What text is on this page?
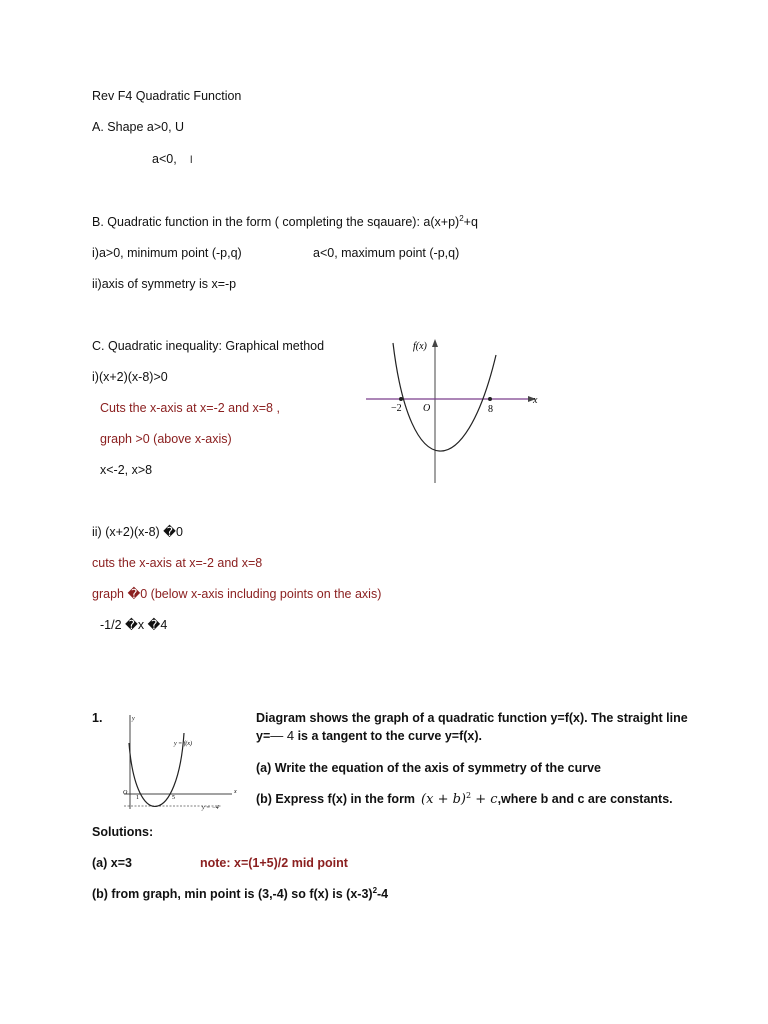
Rev F4 Quadratic Function
A. Shape a>0, U
a<0, l
B. Quadratic function in the form ( completing the sqauare): $a(x+p)^2+q$
i)a>0, minimum point (-p,q)	a<0, maximum point (-p,q)
ii)axis of symmetry is x=-p
C. Quadratic inequality: Graphical method
i)(x+2)(x-8)>0
Cuts the x-axis at x=-2 and x=8 ,
graph >0 (above x-axis)
x<-2, x>8
f(x)
x
−2 O	8
ii) (x+2)(x-8) �0
cuts the x-axis at x=-2 and x=8
graph �0 (below x-axis including points on the axis)
-1/2 �x �4
1.	y
y = f(x)
x
O
1	5
y = −4
Diagram shows the graph of a quadratic function y=f(x). The straight line
y=— 4 is a tangent to the curve y=f(x).
(a) Write the equation of the axis of symmetry of the curve
(b) Express f(x) in the form $(x + b)^2$ + c,where b and c are constants.
Solutions:
(a) x=3	note: x=(1+5)/2 mid point
(b) from graph, min point is (3,-4) so f(x) is $(x-3)^2-4$
